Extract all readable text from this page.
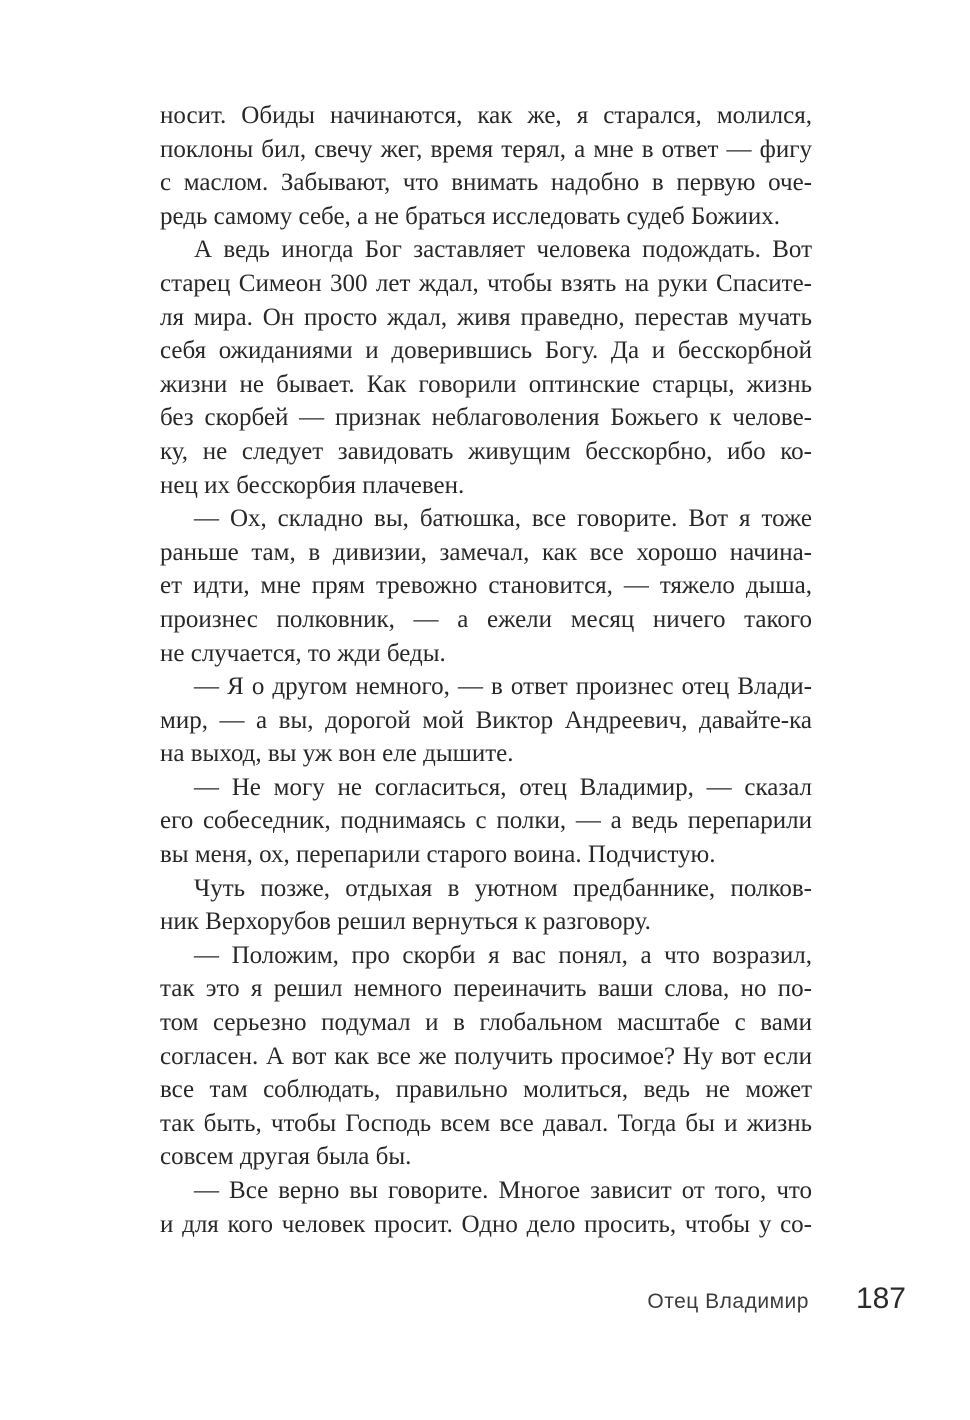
носит. Обиды начинаются, как же, я старался, молился,
поклоны бил, свечу жег, время терял, а мне в ответ — фигу
с маслом. Забывают, что внимать надобно в первую оче-
редь самому себе, а не браться исследовать судеб Божиих.
А ведь иногда Бог заставляет человека подождать. Вот
старец Симеон 300 лет ждал, чтобы взять на руки Спасите-
ля мира. Он просто ждал, живя праведно, перестав мучать
себя ожиданиями и доверившись Богу. Да и бесскорбной
жизни не бывает. Как говорили оптинские старцы, жизнь
без скорбей — признак неблаговоления Божьего к челове-
ку, не следует завидовать живущим бесскорбно, ибо ко-
нец их бесскорбия плачевен.
— Ох, складно вы, батюшка, все говорите. Вот я тоже
раньше там, в дивизии, замечал, как все хорошо начина-
ет идти, мне прям тревожно становится, — тяжело дыша,
произнес полковник, — а ежели месяц ничего такого
не случается, то жди беды.
— Я о другом немного, — в ответ произнес отец Влади-
мир, — а вы, дорогой мой Виктор Андреевич, давайте-ка
на выход, вы уж вон еле дышите.
— Не могу не согласиться, отец Владимир, — сказал
его собеседник, поднимаясь с полки, — а ведь перепарили
вы меня, ох, перепарили старого воина. Подчистую.
Чуть позже, отдыхая в уютном предбаннике, полков-
ник Верхорубов решил вернуться к разговору.
— Положим, про скорби я вас понял, а что возразил,
так это я решил немного переиначить ваши слова, но по-
том серьезно подумал и в глобальном масштабе с вами
согласен. А вот как все же получить просимое? Ну вот если
все там соблюдать, правильно молиться, ведь не может
так быть, чтобы Господь всем все давал. Тогда бы и жизнь
совсем другая была бы.
— Все верно вы говорите. Многое зависит от того, что
и для кого человек просит. Одно дело просить, чтобы у со-
Отец Владимир 187
